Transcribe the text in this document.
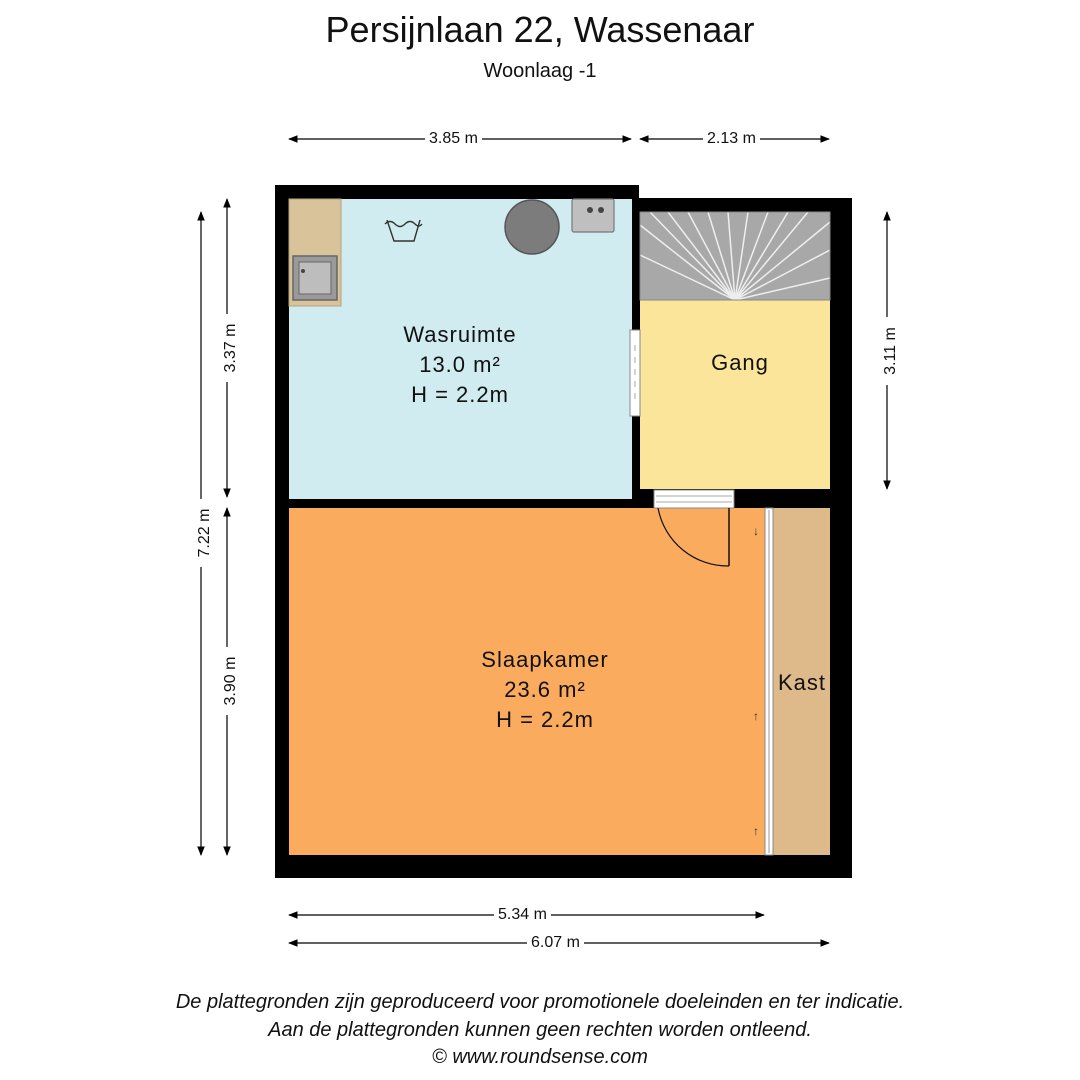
Persijnlaan 22, Wassenaar
Woonlaag -1
↓
↑
↑
3.85 m	2.13 m
7.22 m
3.37 m
3.90 m
3.11 m
5.34 m
6.07 m
Wasruimte
13.0 m²
H = 2.2m
Gang
Slaapkamer
23.6 m²
H = 2.2m
Kast
De plattegronden zijn geproduceerd voor promotionele doeleinden en ter indicatie.
Aan de plattegronden kunnen geen rechten worden ontleend.
© www.roundsense.com
